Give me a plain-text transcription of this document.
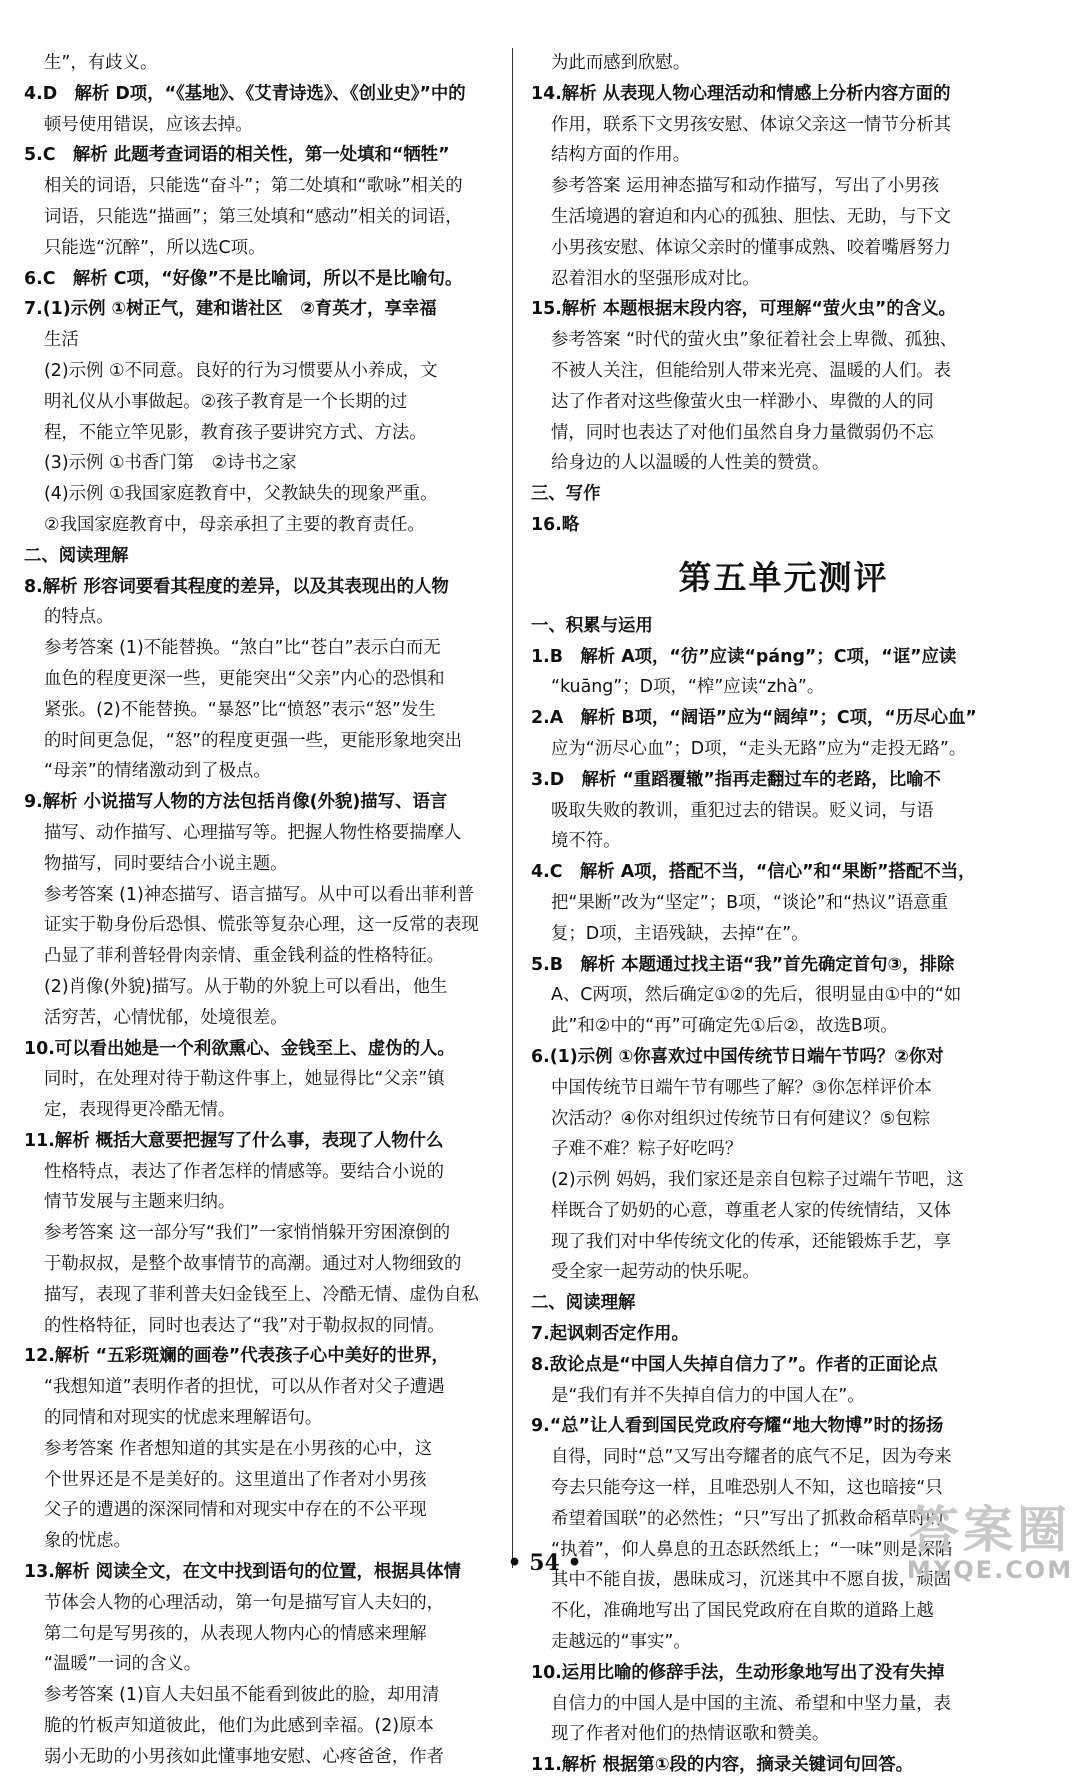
生”，有歧义。

4.D　解析 D项，“《基地》、《艾青诗选》、《创业史》”中的

顿号使用错误，应该去掉。

5.C　解析 此题考查词语的相关性，第一处填和“牺牲”

相关的词语，只能选“奋斗”；第二处填和“歌咏”相关的

词语，只能选“描画”；第三处填和“感动”相关的词语，

只能选“沉醉”，所以选C项。

6.C　解析 C项，“好像”不是比喻词，所以不是比喻句。

7.(1)示例 ①树正气，建和谐社区　②育英才，享幸福

生活

(2)示例 ①不同意。良好的行为习惯要从小养成，文

明礼仪从小事做起。②孩子教育是一个长期的过

程，不能立竿见影，教育孩子要讲究方式、方法。

(3)示例 ①书香门第　②诗书之家

(4)示例 ①我国家庭教育中，父教缺失的现象严重。

②我国家庭教育中，母亲承担了主要的教育责任。

二、阅读理解

8.解析 形容词要看其程度的差异，以及其表现出的人物

的特点。

参考答案 (1)不能替换。“煞白”比“苍白”表示白而无

血色的程度更深一些，更能突出“父亲”内心的恐惧和

紧张。(2)不能替换。“暴怒”比“愤怒”表示“怒”发生

的时间更急促，“怒”的程度更强一些，更能形象地突出

“母亲”的情绪激动到了极点。

9.解析 小说描写人物的方法包括肖像(外貌)描写、语言

描写、动作描写、心理描写等。把握人物性格要揣摩人

物描写，同时要结合小说主题。

参考答案 (1)神态描写、语言描写。从中可以看出菲利普

证实于勒身份后恐惧、慌张等复杂心理，这一反常的表现

凸显了菲利普轻骨肉亲情、重金钱利益的性格特征。

(2)肖像(外貌)描写。从于勒的外貌上可以看出，他生

活穷苦，心情忧郁，处境很差。

10.可以看出她是一个利欲熏心、金钱至上、虚伪的人。

同时，在处理对待于勒这件事上，她显得比“父亲”镇

定，表现得更冷酷无情。

11.解析 概括大意要把握写了什么事，表现了人物什么

性格特点，表达了作者怎样的情感等。要结合小说的

情节发展与主题来归纳。

参考答案 这一部分写“我们”一家悄悄躲开穷困潦倒的

于勒叔叔，是整个故事情节的高潮。通过对人物细致的

描写，表现了菲利普夫妇金钱至上、冷酷无情、虚伪自私

的性格特征，同时也表达了“我”对于勒叔叔的同情。

12.解析 “五彩斑斓的画卷”代表孩子心中美好的世界，

“我想知道”表明作者的担忧，可以从作者对父子遭遇

的同情和对现实的忧虑来理解语句。

参考答案 作者想知道的其实是在小男孩的心中，这

个世界还是不是美好的。这里道出了作者对小男孩

父子的遭遇的深深同情和对现实中存在的不公平现

象的忧虑。

13.解析 阅读全文，在文中找到语句的位置，根据具体情

节体会人物的心理活动，第一句是描写盲人夫妇的，

第二句是写男孩的，从表现人物内心的情感来理解

“温暖”一词的含义。

参考答案 (1)盲人夫妇虽不能看到彼此的脸，却用清

脆的竹板声知道彼此，他们为此感到幸福。(2)原本

弱小无助的小男孩如此懂事地安慰、心疼爸爸，作者

为此而感到欣慰。

14.解析 从表现人物心理活动和情感上分析内容方面的

作用，联系下文男孩安慰、体谅父亲这一情节分析其

结构方面的作用。

参考答案 运用神态描写和动作描写，写出了小男孩

生活境遇的窘迫和内心的孤独、胆怯、无助，与下文

小男孩安慰、体谅父亲时的懂事成熟、咬着嘴唇努力

忍着泪水的坚强形成对比。

15.解析 本题根据末段内容，可理解“萤火虫”的含义。

参考答案 “时代的萤火虫”象征着社会上卑微、孤独、

不被人关注，但能给别人带来光亮、温暖的人们。表

达了作者对这些像萤火虫一样渺小、卑微的人的同

情，同时也表达了对他们虽然自身力量微弱仍不忘

给身边的人以温暖的人性美的赞赏。

三、写作

16.略

第五单元测评

一、积累与运用

1.B　解析 A项，“彷”应读“páng”；C项，“诓”应读

“kuāng”；D项，“榨”应读“zhà”。

2.A　解析 B项，“阔语”应为“阔绰”；C项，“历尽心血”

应为“沥尽心血”；D项，“走头无路”应为“走投无路”。

3.D　解析 “重蹈覆辙”指再走翻过车的老路，比喻不

吸取失败的教训，重犯过去的错误。贬义词，与语

境不符。

4.C　解析 A项，搭配不当，“信心”和“果断”搭配不当，

把“果断”改为“坚定”；B项，“谈论”和“热议”语意重

复；D项，主语残缺，去掉“在”。

5.B　解析 本题通过找主语“我”首先确定首句③，排除

A、C两项，然后确定①②的先后，很明显由①中的“如

此”和②中的“再”可确定先①后②，故选B项。

6.(1)示例 ①你喜欢过中国传统节日端午节吗？②你对

中国传统节日端午节有哪些了解？③你怎样评价本

次活动？④你对组织过传统节日有何建议？⑤包粽

子难不难？粽子好吃吗？

(2)示例 妈妈，我们家还是亲自包粽子过端午节吧，这

样既合了奶奶的心意，尊重老人家的传统情结，又体

现了我们对中华传统文化的传承，还能锻炼手艺，享

受全家一起劳动的快乐呢。

二、阅读理解

7.起讽刺否定作用。

8.敌论点是“中国人失掉自信力了”。作者的正面论点

是“我们有并不失掉自信力的中国人在”。

9.“总”让人看到国民党政府夸耀“地大物博”时的扬扬

自得，同时“总”又写出夸耀者的底气不足，因为夸来

夸去只能夸这一样，且唯恐别人不知，这也暗接“只

希望着国联”的必然性；“只”写出了抓救命稻草时的

“执着”，仰人鼻息的丑态跃然纸上；“一味”则是深陷

其中不能自拔，愚昧成习，沉迷其中不愿自拔，顽固

不化，准确地写出了国民党政府在自欺的道路上越

走越远的“事实”。

10.运用比喻的修辞手法，生动形象地写出了没有失掉

自信力的中国人是中国的主流、希望和中坚力量，表

现了作者对他们的热情讴歌和赞美。

11.解析 根据第①段的内容，摘录关键词句回答。

• 54 •
答案圈
MXQE.COM
